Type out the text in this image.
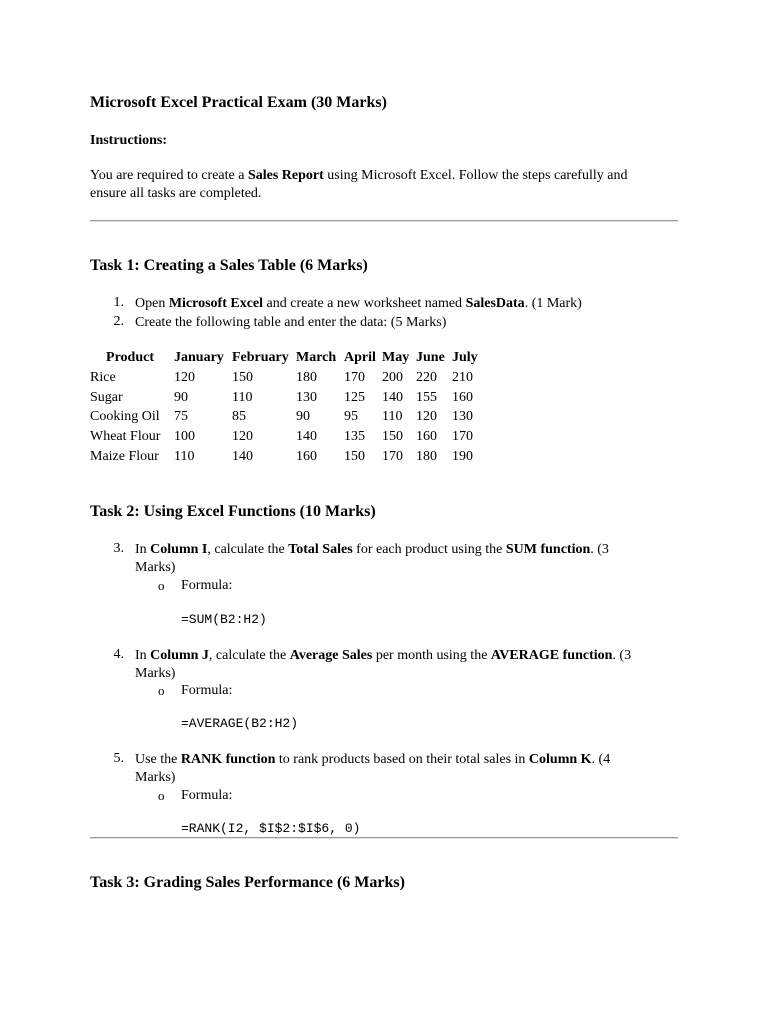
Microsoft Excel Practical Exam (30 Marks)
Instructions:
You are required to create a Sales Report using Microsoft Excel. Follow the steps carefully and
ensure all tasks are completed.
Task 1: Creating a Sales Table (6 Marks)
1. Open Microsoft Excel and create a new worksheet named SalesData. (1 Mark)
2. Create the following table and enter the data: (5 Marks)
Product	January	February	March	April	May	June	July
Rice	120	150	180	170	200	220	210
Sugar	90	110	130	125	140	155	160
Cooking Oil	75	85	90	95	110	120	130
Wheat Flour	100	120	140	135	150	160	170
Maize Flour	110	140	160	150	170	180	190
Task 2: Using Excel Functions (10 Marks)
3. In Column I, calculate the Total Sales for each product using the SUM function. (3
Marks)
o Formula:
=SUM(B2:H2)
4. In Column J, calculate the Average Sales per month using the AVERAGE function. (3
Marks)
o Formula:
=AVERAGE(B2:H2)
5. Use the RANK function to rank products based on their total sales in Column K. (4
Marks)
o Formula:
=RANK(I2, $I$2:$I$6, 0)
Task 3: Grading Sales Performance (6 Marks)
